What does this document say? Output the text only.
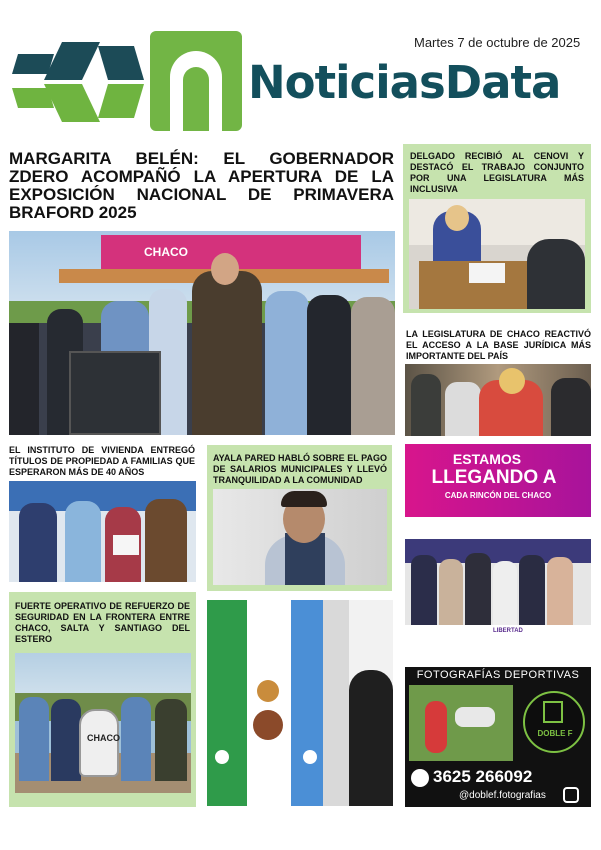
NoticiasData
Martes 7 de octubre de 2025
MARGARITA BELÉN: EL GOBERNADOR ZDERO ACOMPAÑÓ LA APERTURA DE LA EXPOSICIÓN NACIONAL DE PRIMAVERA BRAFORD 2025
CHACO
DELGADO RECIBIÓ AL CENOVI Y DESTACÓ EL TRABAJO CONJUNTO POR UNA LEGISLATURA MÁS INCLUSIVA
LA LEGISLATURA DE CHACO REACTIVÓ EL ACCESO A LA BASE JURÍDICA MÁS IMPORTANTE DEL PAÍS
EL INSTITUTO DE VIVIENDA ENTREGÓ TÍTULOS DE PROPIEDAD A FAMILIAS QUE ESPERARON MÁS DE 40 AÑOS
AYALA PARED HABLÓ SOBRE EL PAGO DE SALARIOS MUNICIPALES Y LLEVÓ TRANQUILIDAD A LA COMUNIDAD
FUERTE OPERATIVO DE REFUERZO DE SEGURIDAD EN LA FRONTERA ENTRE CHACO, SALTA Y SANTIAGO DEL ESTERO
CHACO
ESTAMOS
LLEGANDO A
CADA RINCÓN DEL CHACO
LIBERTAD
FOTOGRAFÍAS DEPORTIVAS
DOBLE F
3625 266092
@doblef.fotografias
